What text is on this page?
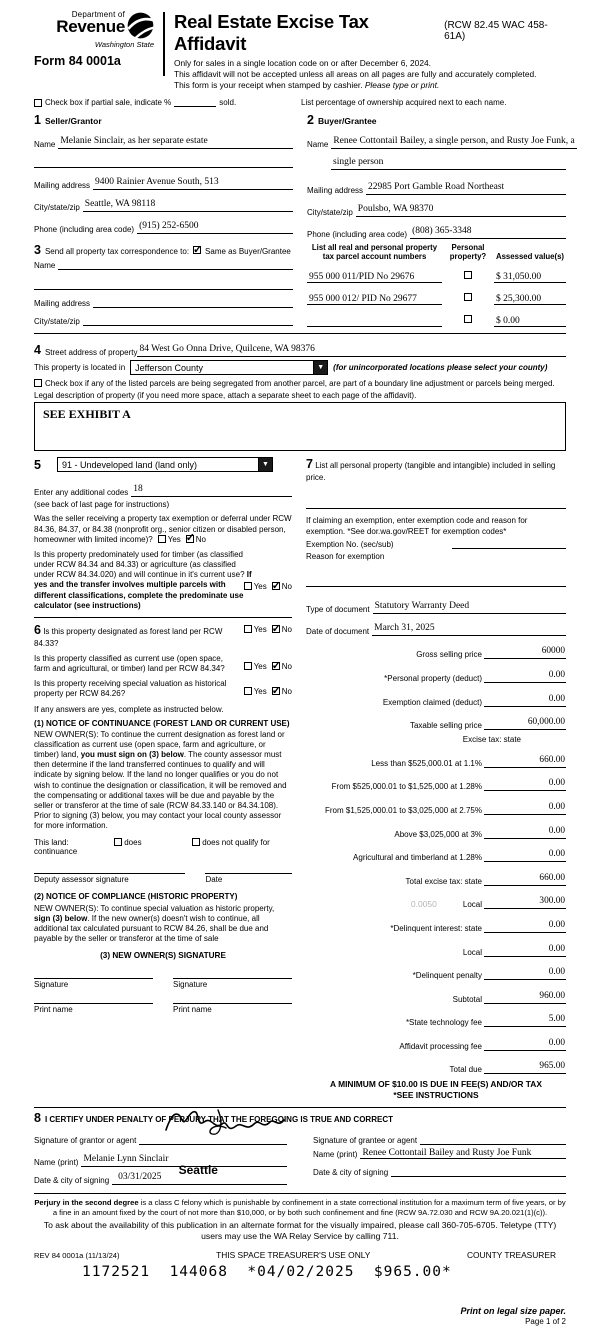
Department of
Revenue
Washington State
Form 84 0001a
Real Estate Excise Tax Affidavit
(RCW 82.45 WAC 458-61A)
Only for sales in a single location code on or after December 6, 2024.
This affidavit will not be accepted unless all areas on all pages are fully and accurately completed.
This form is your receipt when stamped by cashier. Please type or print.
Check box if partial sale, indicate %	sold.	List percentage of ownership acquired next to each name.
1 Seller/Grantor
Name Melanie Sinclair, as her separate estate
Mailing address 9400 Rainier Avenue South, 513
City/state/zip Seattle, WA 98118
Phone (including area code) (915) 252-6500
3 Send all property tax correspondence to: ✓ Same as Buyer/Grantee
Name
Mailing address
City/state/zip
2 Buyer/Grantee
Name Renee Cottontail Bailey, a single person, and Rusty Joe Funk, a
single person
Mailing address 22985 Port Gamble Road Northeast
City/state/zip Poulsbo, WA 98370
Phone (including area code) (808) 365-3348
List all real and personal property tax parcel account numbers
Personal property?	Assessed value(s)
955 000 011/PID No 29676	$ 31,050.00
955 000 012/ PID No 29677	$ 25,300.00
$ 0.00
4 Street address of property 84 West Go Onna Drive, Quilcene, WA 98376
This property is located in	Jefferson County	▼	(for unincorporated locations please select your county)
Check box if any of the listed parcels are being segregated from another parcel, are part of a boundary line adjustment or parcels being merged.
Legal description of property (if you need more space, attach a separate sheet to each page of the affidavit).
SEE EXHIBIT A
5	91 - Undeveloped land (land only)	▼
Enter any additional codes 18
(see back of last page for instructions)
Was the seller receiving a property tax exemption or deferral under RCW 84.36, 84.37, or 84.38 (nonprofit org., senior citizen or disabled person, homeowner with limited income)? Yes ✓ No
Is this property predominately used for timber (as classified under RCW 84.34 and 84.33) or agriculture (as classified under RCW 84.34.020) and will continue in it's current use? If yes and the transfer involves multiple parcels with different classifications, complete the predominate use calculator (see instructions)
Yes ✓ No
6 Is this property designated as forest land per RCW 84.33?
Yes ✓ No
Is this property classified as current use (open space, farm and agricultural, or timber) land per RCW 84.34?	Yes ✓ No
Is this property receiving special valuation as historical property per RCW 84.26?	Yes ✓ No
If any answers are yes, complete as instructed below.
(1) NOTICE OF CONTINUANCE (FOREST LAND OR CURRENT USE)
NEW OWNER(S): To continue the current designation as forest land or classification as current use (open space, farm and agriculture, or timber) land, you must sign on (3) below. The county assessor must then determine if the land transferred continues to qualify and will indicate by signing below. If the land no longer qualifies or you do not wish to continue the designation or classification, it will be removed and the compensating or additional taxes will be due and payable by the seller or transferor at the time of sale (RCW 84.33.140 or 84.34.108). Prior to signing (3) below, you may contact your local county assessor for more information.
This land:	does	does not qualify for
continuance
Deputy assessor signature	Date
(2) NOTICE OF COMPLIANCE (HISTORIC PROPERTY)
NEW OWNER(S): To continue special valuation as historic property, sign (3) below. If the new owner(s) doesn't wish to continue, all additional tax calculated pursuant to RCW 84.26, shall be due and payable by the seller or transferor at the time of sale
(3) NEW OWNER(S) SIGNATURE
Signature	Signature
Print name	Print name
7 List all personal property (tangible and intangible) included in selling price.
If claiming an exemption, enter exemption code and reason for exemption. *See dor.wa.gov/REET for exemption codes*
Exemption No. (sec/sub)
Reason for exemption
Type of document Statutory Warranty Deed
Date of document March 31, 2025
Gross selling price	60000
*Personal property (deduct)	0.00
Exemption claimed (deduct)	0.00
Taxable selling price	60,000.00
Excise tax: state
Less than $525,000.01 at 1.1%	660.00
From $525,000.01 to $1,525,000 at 1.28%	0.00
From $1,525,000.01 to $3,025,000 at 2.75%	0.00
Above $3,025,000 at 3%	0.00
Agricultural and timberland at 1.28%	0.00
Total excise tax: state	660.00
0.0050	Local	300.00
*Delinquent interest: state	0.00
Local	0.00
*Delinquent penalty	0.00
Subtotal	960.00
*State technology fee	5.00
Affidavit processing fee	0.00
Total due	965.00
A MINIMUM OF $10.00 IS DUE IN FEE(S) AND/OR TAX
*SEE INSTRUCTIONS
8 I CERTIFY UNDER PENALTY OF PERJURY THAT THE FOREGOING IS TRUE AND CORRECT
Signature of grantor or agent
Name (print) Melanie Lynn Sinclair
Date & city of signing
Seattle
03/31/2025
Signature of grantee or agent
Name (print) Renee Cottontail Bailey and Rusty Joe Funk
Date & city of signing
Perjury in the second degree is a class C felony which is punishable by confinement in a state correctional institution for a maximum term of five years, or by a fine in an amount fixed by the court of not more than $10,000, or by both such confinement and fine (RCW 9A.72.030 and RCW 9A.20.021(1)(c)).
To ask about the availability of this publication in an alternate format for the visually impaired, please call 360-705-6705. Teletype (TTY) users may use the WA Relay Service by calling 711.
REV 84 0001a (11/13/24)	THIS SPACE TREASURER'S USE ONLY	COUNTY TREASURER
1172521  144068  *04/02/2025  $965.00*
Print on legal size paper.
Page 1 of 2
